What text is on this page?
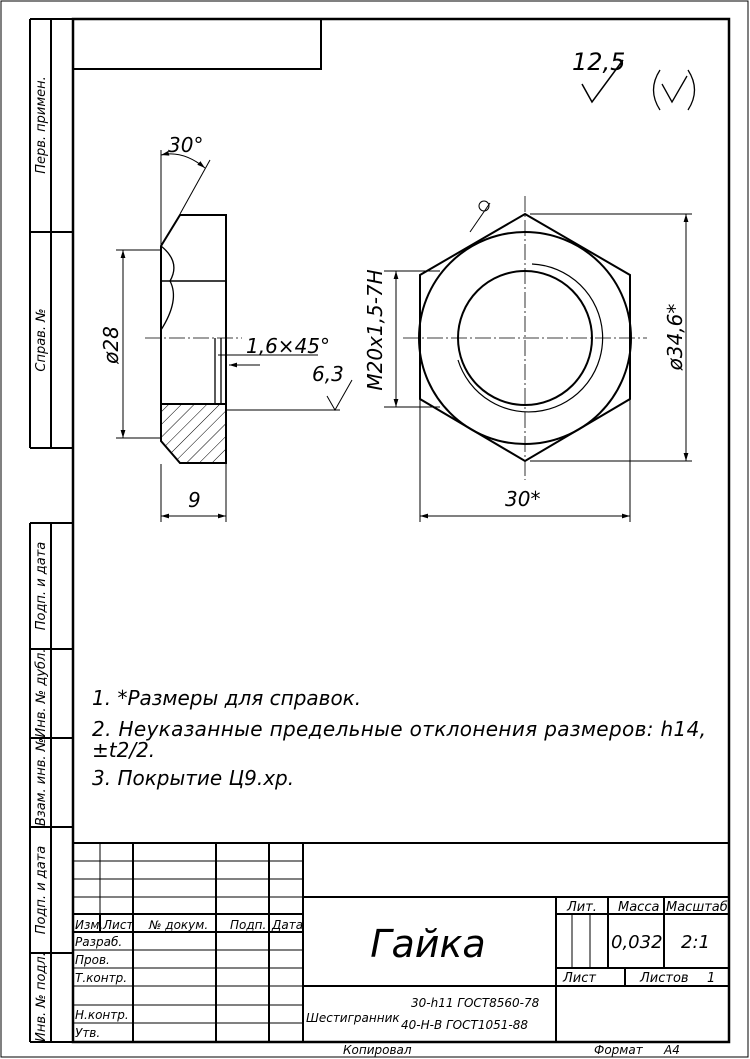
Перв. примен.
Справ. №
Подп. и дата
Инв. № дубл.
Взам. инв. №
Подп. и дата
Инв. № подл.
12,5
30°
ø28	1,6×45°
6,3
9
M20x1,5-7H	ø34,6*
30*
1. *Размеры для справок.
2. Неуказанные предельные отклонения размеров: h14,
±t2/2.
3. Покрытие Ц9.хр.
Изм. Лист № докум. Подп. Дата
Разраб.
Пров.
Т.контр.
Н.контр.
Утв.
Гайка
Лит. Масса Масштаб
0,032 2:1
Лист	Листов 1
Шестигранник
30-h11 ГОСТ8560-78
40-Н-В ГОСТ1051-88
Копировал	Формат А4
